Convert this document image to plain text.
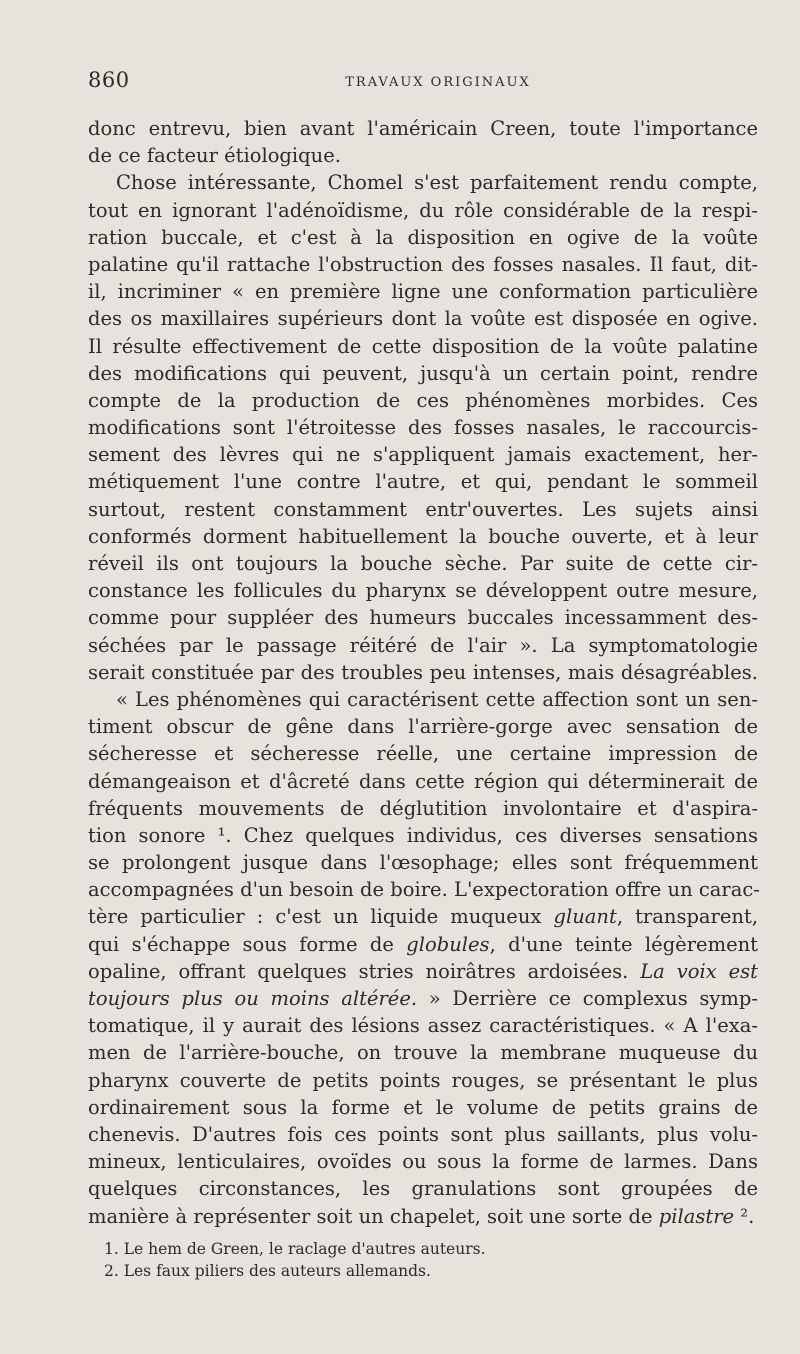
860	TRAVAUX ORIGINAUX
donc entrevu, bien avant l'américain Creen, toute l'importance
de ce facteur étiologique.
Chose intéressante, Chomel s'est parfaitement rendu compte,
tout en ignorant l'adénoïdisme, du rôle considérable de la respi-
ration buccale, et c'est à la disposition en ogive de la voûte
palatine qu'il rattache l'obstruction des fosses nasales. Il faut, dit-
il, incriminer « en première ligne une conformation particulière
des os maxillaires supérieurs dont la voûte est disposée en ogive.
Il résulte effectivement de cette disposition de la voûte palatine
des modifications qui peuvent, jusqu'à un certain point, rendre
compte de la production de ces phénomènes morbides. Ces
modifications sont l'étroitesse des fosses nasales, le raccourcis-
sement des lèvres qui ne s'appliquent jamais exactement, her-
métiquement l'une contre l'autre, et qui, pendant le sommeil
surtout, restent constamment entr'ouvertes. Les sujets ainsi
conformés dorment habituellement la bouche ouverte, et à leur
réveil ils ont toujours la bouche sèche. Par suite de cette cir-
constance les follicules du pharynx se développent outre mesure,
comme pour suppléer des humeurs buccales incessamment des-
séchées par le passage réitéré de l'air ». La symptomatologie
serait constituée par des troubles peu intenses, mais désagréables.
« Les phénomènes qui caractérisent cette affection sont un sen-
timent obscur de gêne dans l'arrière-gorge avec sensation de
sécheresse et sécheresse réelle, une certaine impression de
démangeaison et d'âcreté dans cette région qui déterminerait de
fréquents mouvements de déglutition involontaire et d'aspira-
tion sonore ¹. Chez quelques individus, ces diverses sensations
se prolongent jusque dans l'œsophage; elles sont fréquemment
accompagnées d'un besoin de boire. L'expectoration offre un carac-
tère particulier : c'est un liquide muqueux gluant, transparent,
qui s'échappe sous forme de globules, d'une teinte légèrement
opaline, offrant quelques stries noirâtres ardoisées. La voix est
toujours plus ou moins altérée. » Derrière ce complexus symp-
tomatique, il y aurait des lésions assez caractéristiques. « A l'exa-
men de l'arrière-bouche, on trouve la membrane muqueuse du
pharynx couverte de petits points rouges, se présentant le plus
ordinairement sous la forme et le volume de petits grains de
chenevis. D'autres fois ces points sont plus saillants, plus volu-
mineux, lenticulaires, ovoïdes ou sous la forme de larmes. Dans
quelques circonstances, les granulations sont groupées de
manière à représenter soit un chapelet, soit une sorte de pilastre ².
1. Le hem de Green, le raclage d'autres auteurs.
2. Les faux piliers des auteurs allemands.
